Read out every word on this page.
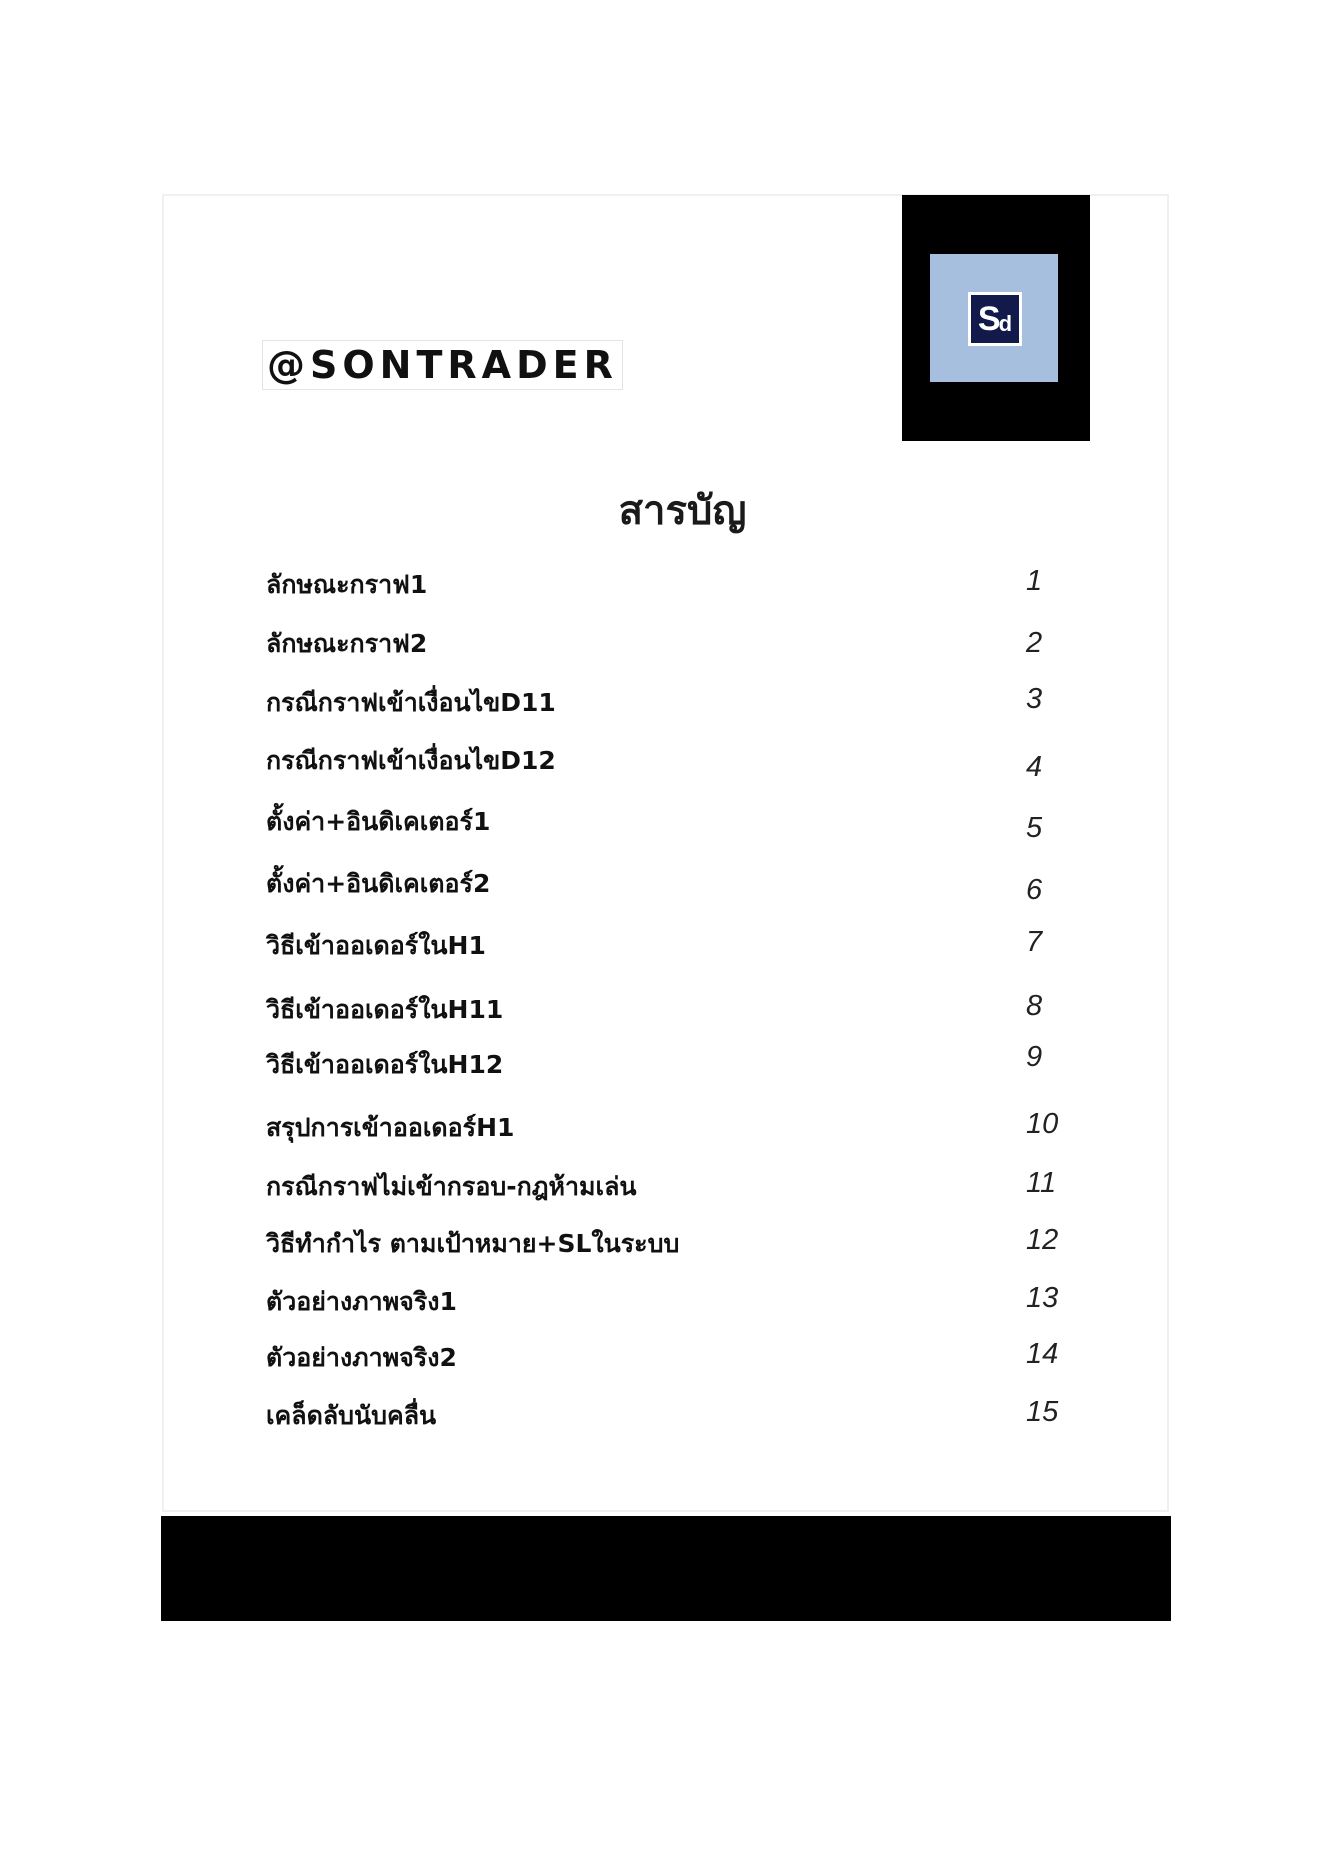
S
d
@SONTRADER
สารบัญ
ลักษณะกราฟ1	1
ลักษณะกราฟ2	2
กรณีกราฟเข้าเงื่อนไขD11	3
กรณีกราฟเข้าเงื่อนไขD12	4
ตั้งค่า+อินดิเคเตอร์1	5
ตั้งค่า+อินดิเคเตอร์2	6
วิธีเข้าออเดอร์ในH1	7
วิธีเข้าออเดอร์ในH11	8
วิธีเข้าออเดอร์ในH12	9
สรุปการเข้าออเดอร์H1	10
กรณีกราฟไม่เข้ากรอบ-กฎห้ามเล่น	11
วิธีทำกำไร ตามเป้าหมาย+SLในระบบ	12
ตัวอย่างภาพจริง1	13
ตัวอย่างภาพจริง2	14
เคล็ดลับนับคลื่น	15
